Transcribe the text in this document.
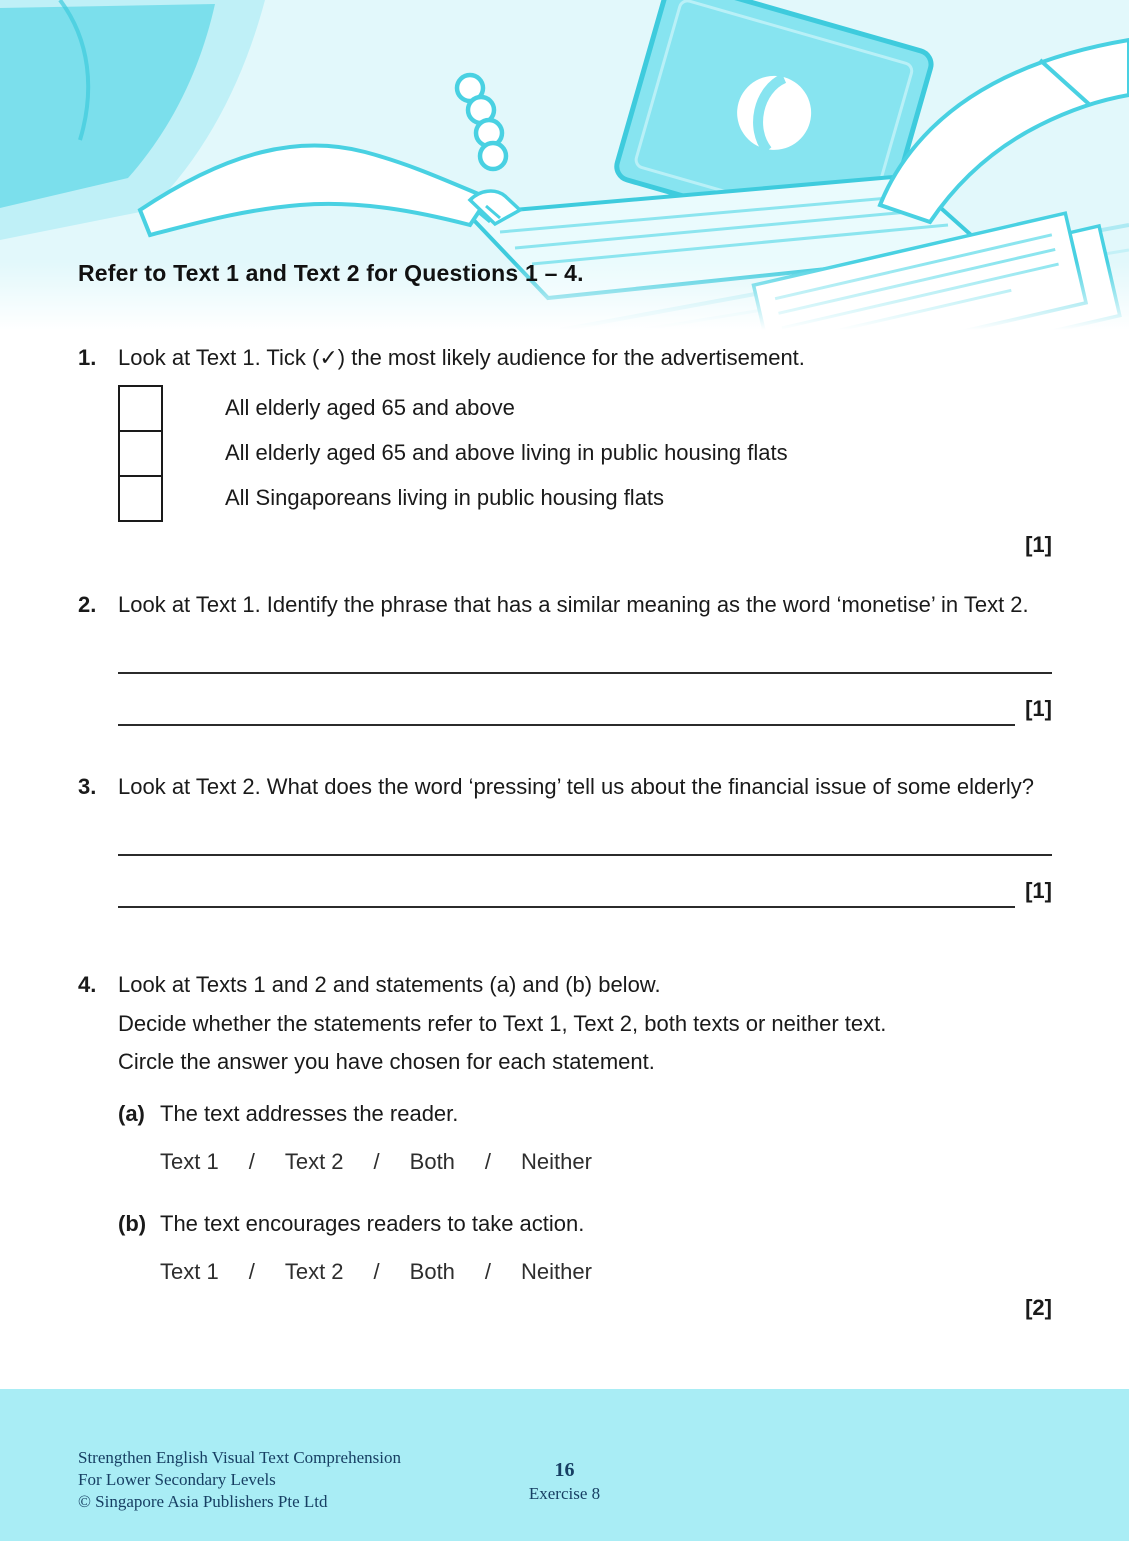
Refer to Text 1 and Text 2 for Questions 1 – 4.
1. Look at Text 1. Tick (✓) the most likely audience for the advertisement.

All elderly aged 65 and above
All elderly aged 65 and above living in public housing flats
All Singaporeans living in public housing flats
[1]
2. Look at Text 1. Identify the phrase that has a similar meaning as the word ‘monetise’ in Text 2.

[1]
3. Look at Text 2. What does the word ‘pressing’ tell us about the financial issue of some elderly?

[1]
4. Look at Texts 1 and 2 and statements (a) and (b) below.

Decide whether the statements refer to Text 1, Text 2, both texts or neither text.

Circle the answer you have chosen for each statement.

(a) The text addresses the reader.

Text 1 / Text 2 / Both / Neither
(b) The text encourages readers to take action.

Text 1 / Text 2 / Both / Neither
[2]
Strengthen English Visual Text Comprehension
For Lower Secondary Levels
© Singapore Asia Publishers Pte Ltd
16
Exercise 8
